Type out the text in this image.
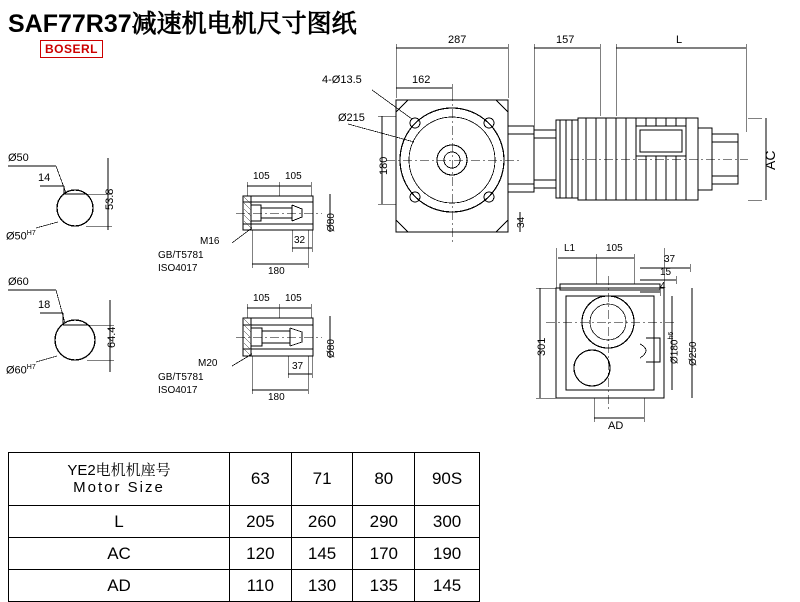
SAF77R37减速机电机尺寸图纸
BOSERL
287
162
157	L
4-Ø13.5
Ø215
180
34
AC
Ø50
14
53.8
$Ø50^{H7}$
Ø60
18
64.4
$Ø60^{H7}$
105 105
32
180
Ø80
M16
GB/T5781
ISO4017
105 105
37
180
Ø80
M20
GB/T5781
ISO4017
L1	105
37
15
4
301	$Ø180^{h6}$
Ø250
AD
YE2电机机座号
Motor Size	63	71	80	90S
L	205	260	290	300
AC	120	145	170	190
AD	110	130	135	145
